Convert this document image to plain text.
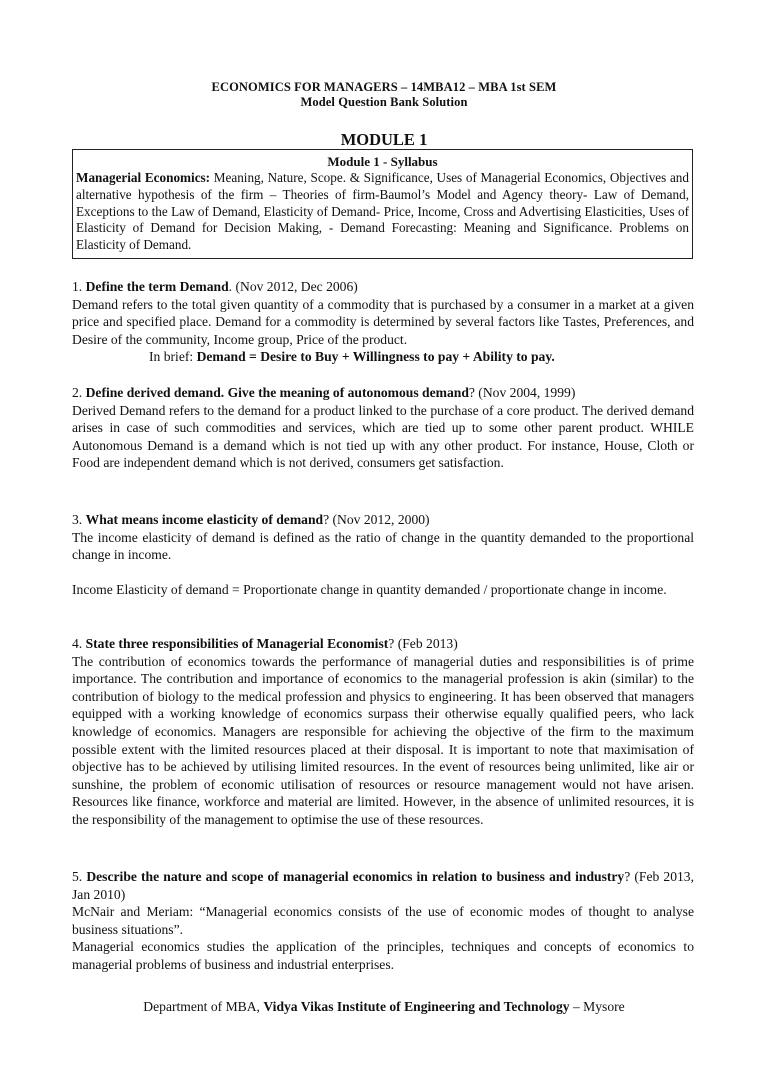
ECONOMICS FOR MANAGERS – 14MBA12 – MBA 1st SEM
Model Question Bank Solution
MODULE 1
Module 1 - Syllabus
Managerial Economics: Meaning, Nature, Scope. & Significance, Uses of Managerial Economics, Objectives and alternative hypothesis of the firm – Theories of firm-Baumol’s Model and Agency theory- Law of Demand, Exceptions to the Law of Demand, Elasticity of Demand- Price, Income, Cross and Advertising Elasticities, Uses of Elasticity of Demand for Decision Making, - Demand Forecasting: Meaning and Significance. Problems on Elasticity of Demand.

1. Define the term Demand. (Nov 2012, Dec 2006)

Demand refers to the total given quantity of a commodity that is purchased by a consumer in a market at a given price and specified place. Demand for a commodity is determined by several factors like Tastes, Preferences, and Desire of the community, Income group, Price of the product.

In brief: Demand = Desire to Buy + Willingness to pay + Ability to pay.

2. Define derived demand. Give the meaning of autonomous demand? (Nov 2004, 1999)

Derived Demand refers to the demand for a product linked to the purchase of a core product. The derived demand arises in case of such commodities and services, which are tied up to some other parent product. WHILE Autonomous Demand is a demand which is not tied up with any other product. For instance, House, Cloth or Food are independent demand which is not derived, consumers get satisfaction.

3. What means income elasticity of demand? (Nov 2012, 2000)

The income elasticity of demand is defined as the ratio of change in the quantity demanded to the proportional change in income.

Income Elasticity of demand = Proportionate change in quantity demanded / proportionate change in income.

4. State three responsibilities of Managerial Economist? (Feb 2013)

The contribution of economics towards the performance of managerial duties and responsibilities is of prime importance. The contribution and importance of economics to the managerial profession is akin (similar) to the contribution of biology to the medical profession and physics to engineering. It has been observed that managers equipped with a working knowledge of economics surpass their otherwise equally qualified peers, who lack knowledge of economics. Managers are responsible for achieving the objective of the firm to the maximum possible extent with the limited resources placed at their disposal. It is important to note that maximisation of objective has to be achieved by utilising limited resources. In the event of resources being unlimited, like air or sunshine, the problem of economic utilisation of resources or resource management would not have arisen. Resources like finance, workforce and material are limited. However, in the absence of unlimited resources, it is the responsibility of the management to optimise the use of these resources.

5. Describe the nature and scope of managerial economics in relation to business and industry? (Feb 2013, Jan 2010)

McNair and Meriam: “Managerial economics consists of the use of economic modes of thought to analyse business situations”.

Managerial economics studies the application of the principles, techniques and concepts of economics to managerial problems of business and industrial enterprises.

Department of MBA, Vidya Vikas Institute of Engineering and Technology – Mysore
